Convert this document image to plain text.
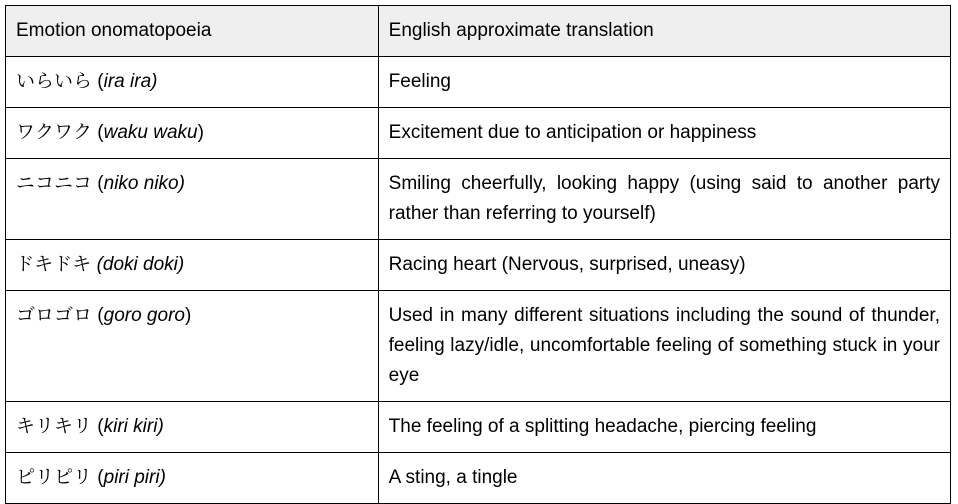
Emotion onomatopoeia	English approximate translation
いらいら (ira ira)	Feeling
ワクワク (waku waku)	Excitement due to anticipation or happiness
ニコニコ (niko niko)	Smiling cheerfully, looking happy (using said to another party rather than referring to yourself)
ドキドキ (doki doki)	Racing heart (Nervous, surprised, uneasy)
ゴロゴロ (goro goro)	Used in many different situations including the sound of thunder, feeling lazy/idle, uncomfortable feeling of something stuck in your eye
キリキリ (kiri kiri)	The feeling of a splitting headache, piercing feeling
ピリピリ (piri piri)	A sting, a tingle
